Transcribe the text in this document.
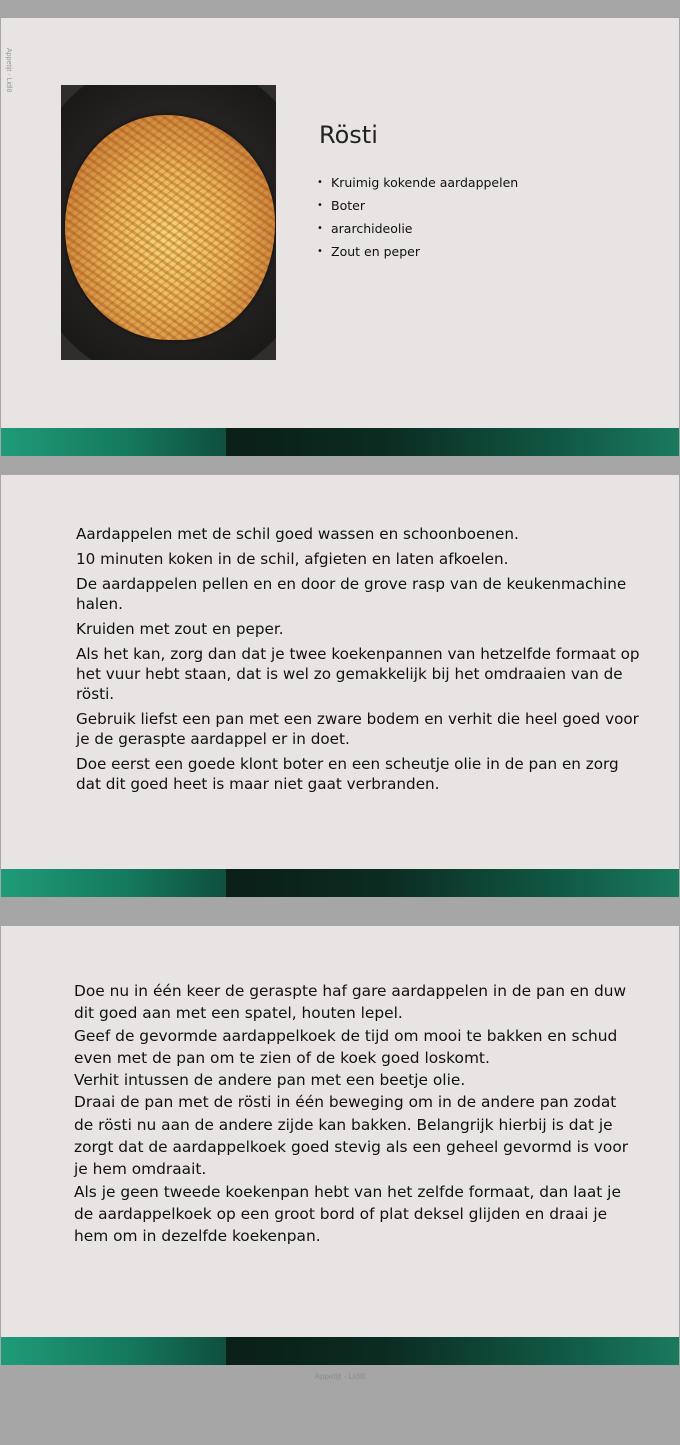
Appetijt - Lidl8
Rösti
• Kruimig kokende aardappelen
• Boter
• ararchideolie
• Zout en peper

Aardappelen met de schil goed wassen en schoonboenen.

10 minuten koken in de schil, afgieten en laten afkoelen.

De aardappelen pellen en en door de grove rasp van de keukenmachine halen.

Kruiden met zout en peper.

Als het kan, zorg dan dat je twee koekenpannen van hetzelfde formaat op het vuur hebt staan, dat is wel zo gemakkelijk bij het omdraaien van de rösti.

Gebruik liefst een pan met een zware bodem en verhit die heel goed voor je de geraspte aardappel er in doet.

Doe eerst een goede klont boter en een scheutje olie in de pan en zorg dat dit goed heet is maar niet gaat verbranden.

Doe nu in één keer de geraspte haf gare aardappelen in de pan en duw dit goed aan met een spatel, houten lepel.

Geef de gevormde aardappelkoek de tijd om mooi te bakken en schud even met de pan om te zien of de koek goed loskomt.

Verhit intussen de andere pan met een beetje olie.

Draai de pan met de rösti in één beweging om in de andere pan zodat de rösti nu aan de andere zijde kan bakken. Belangrijk hierbij is dat je zorgt dat de aardappelkoek goed stevig als een geheel gevormd is voor je hem omdraait.

Als je geen tweede koekenpan hebt van het zelfde formaat, dan laat je de aardappelkoek op een groot bord of plat deksel glijden en draai je hem om in dezelfde koekenpan.

Appetijt - Lidl8
